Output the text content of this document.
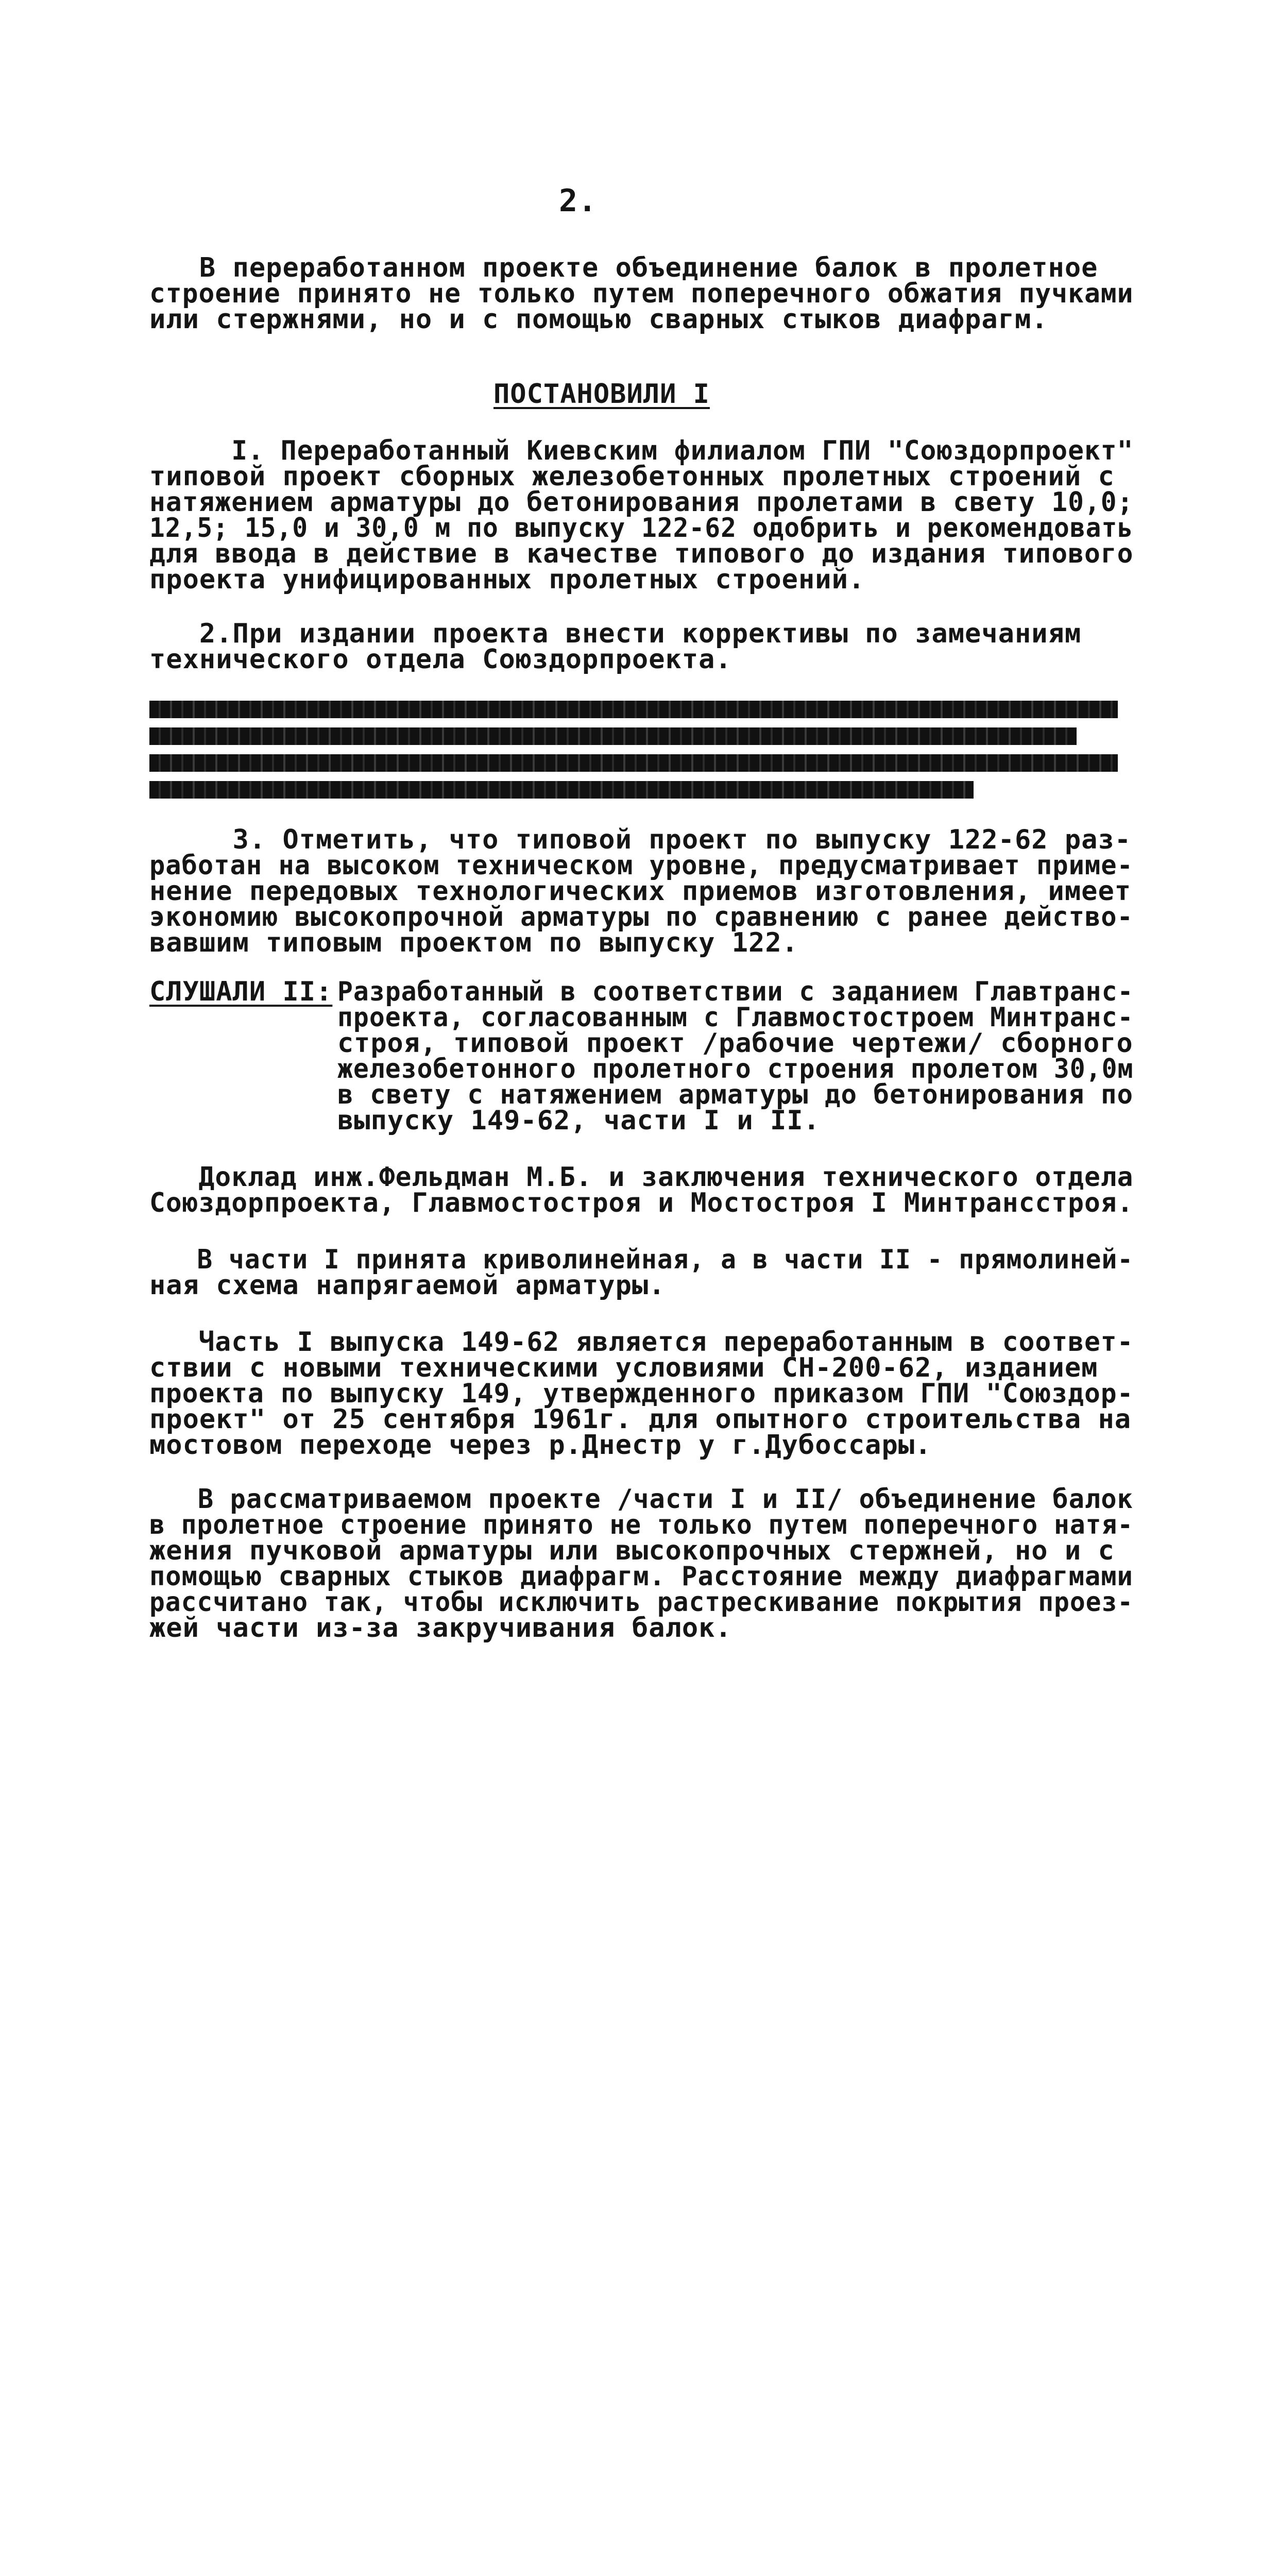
2.

В переработанном проекте объединение балок в пролетное

строение принято не только путем поперечного обжатия пучками

или стержнями, но и с помощью сварных стыков диафрагм.

ПОСТАНОВИЛИ I

I. Переработанный Киевским филиалом ГПИ "Союздорпроект"

типовой проект сборных железобетонных пролетных строений с

натяжением арматуры до бетонирования пролетами в свету 10,0;

12,5; 15,0 и 30,0 м по выпуску 122-62 одобрить и рекомендовать

для ввода в действие в качестве типового до издания типового

проекта унифицированных пролетных строений.

2.При издании проекта внести коррективы по замечаниям

технического отдела Союздорпроекта.

3. Отметить, что типовой проект по выпуску 122-62 раз-

работан на высоком техническом уровне, предусматривает приме-

нение передовых технологических приемов изготовления, имеет

экономию высокопрочной арматуры по сравнению с ранее действо-

вавшим типовым проектом по выпуску 122.

СЛУШАЛИ II:

Разработанный в соответствии с заданием Главтранс-

проекта, согласованным с Главмостостроем Минтранс-

строя, типовой проект /рабочие чертежи/ сборного

железобетонного пролетного строения пролетом 30,0м

в свету с натяжением арматуры до бетонирования по

выпуску 149-62, части I и II.

Доклад инж.Фельдман М.Б. и заключения технического отдела

Союздорпроекта, Главмостостроя и Мостостроя I Минтрансстроя.

В части I принята криволинейная, а в части II - прямолиней-

ная схема напрягаемой арматуры.

Часть I выпуска 149-62 является переработанным в соответ-

ствии с новыми техническими условиями СН-200-62, изданием

проекта по выпуску 149, утвержденного приказом ГПИ "Союздор-

проект" от 25 сентября 1961г. для опытного строительства на

мостовом переходе через р.Днестр у г.Дубоссары.

В рассматриваемом проекте /части I и II/ объединение балок

в пролетное строение принято не только путем поперечного натя-

жения пучковой арматуры или высокопрочных стержней, но и с

помощью сварных стыков диафрагм. Расстояние между диафрагмами

рассчитано так, чтобы исключить растрескивание покрытия проез-

жей части из-за закручивания балок.
